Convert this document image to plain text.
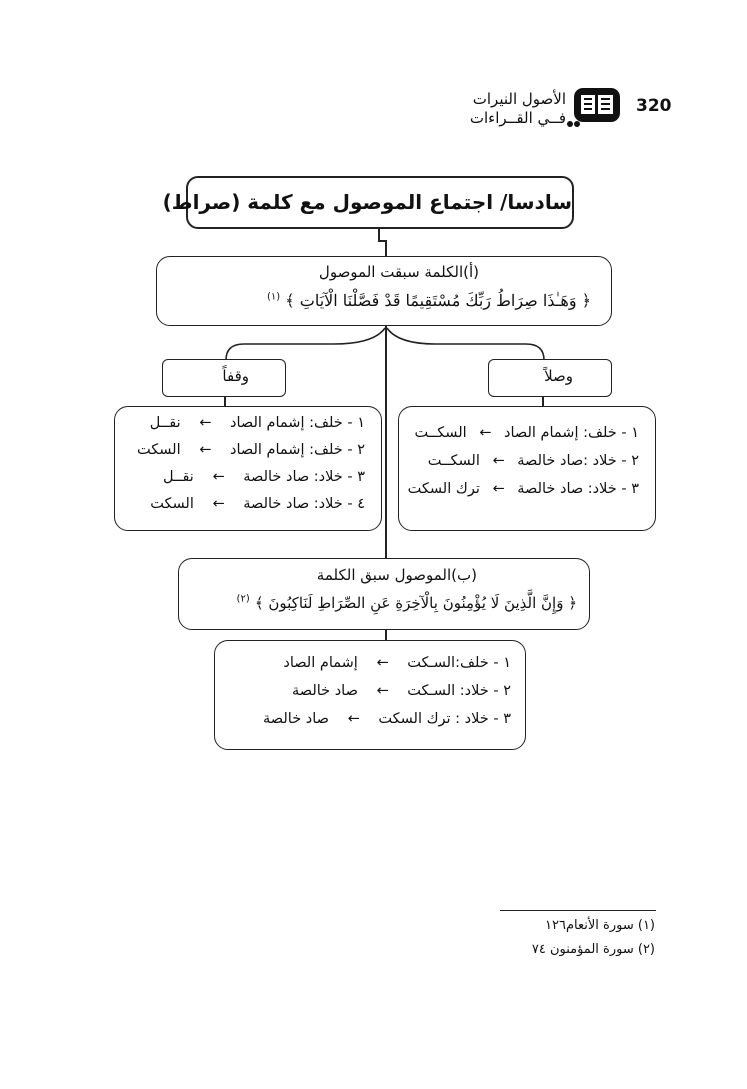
الأصول النيرات
فــي القــراءات
320
سادسا/ اجتماع الموصول مع كلمة (صراط)
(أ)الكلمة سبقت الموصول
﴿ وَهَـٰذَا صِرَاطُ رَبِّكَ مُسْتَقِيمًا قَدْ فَصَّلْنَا الْآيَاتِ ﴾ $^{(١)}$
وقفاً	وصلاً
١ - خلف: إشمام الصاد ← نقــل
٢ - خلف: إشمام الصاد ← السكت
٣ - خلاد: صاد خالصة ← نقــل
٤ - خلاد: صاد خالصة ← السكت
١ - خلف: إشمام الصاد ← السكــت
٢ - خلاد :صاد خالصة ← السكــت
٣ - خلاد: صاد خالصة ← ترك السكت
(ب)الموصول سبق الكلمة
﴿ وَإِنَّ الَّذِينَ لَا يُؤْمِنُونَ بِالْآخِرَةِ عَنِ الصِّرَاطِ لَنَاكِبُونَ ﴾ $^{(٢)}$
١ - خلف:السـكت ← إشمام الصاد
٢ - خلاد: السـكت ← صاد خالصة
٣ - خلاد : ترك السكت ← صاد خالصة
(١) سورة الأنعام١٢٦
(٢) سورة المؤمنون ٧٤
